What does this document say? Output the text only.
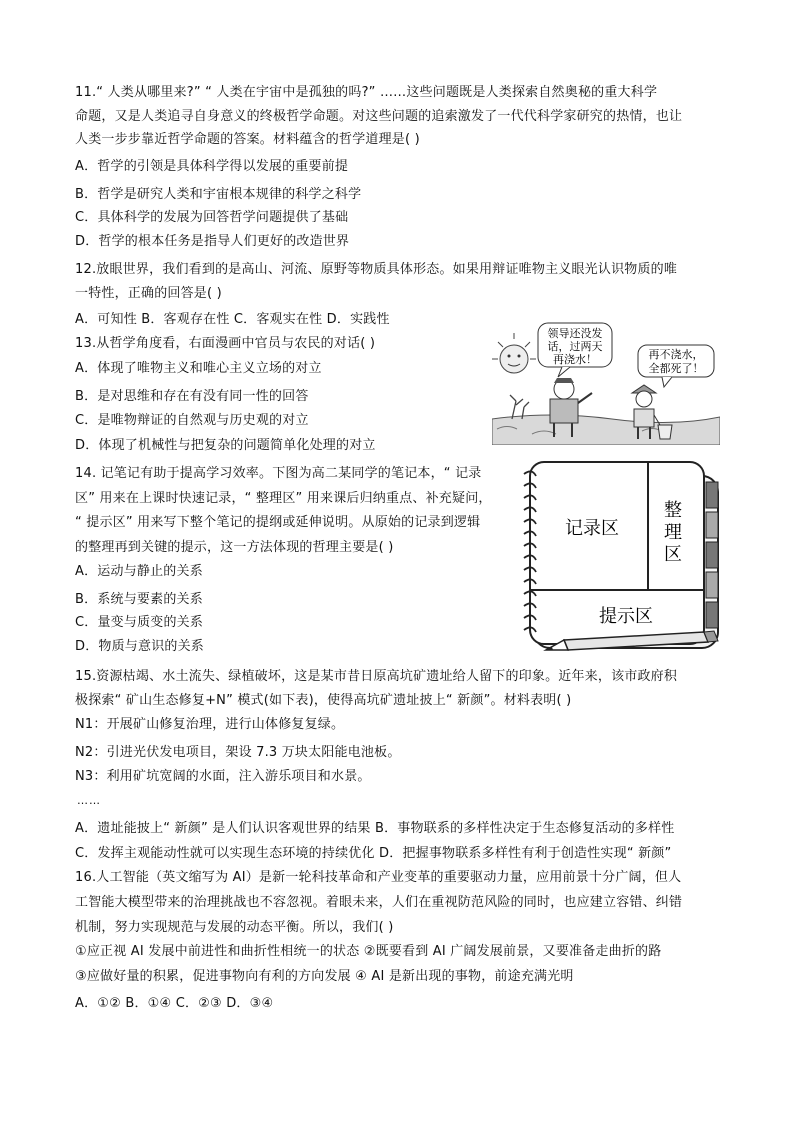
11.“ 人类从哪里来?” “ 人类在宇宙中是孤独的吗?” ……这些问题既是人类探索自然奥秘的重大科学
命题，又是人类追寻自身意义的终极哲学命题。对这些问题的追索激发了一代代科学家研究的热情，也让
人类一步步靠近哲学命题的答案。材料蕴含的哲学道理是( )
A．哲学的引领是具体科学得以发展的重要前提
B．哲学是研究人类和宇宙根本规律的科学之科学
C．具体科学的发展为回答哲学问题提供了基础
D．哲学的根本任务是指导人们更好的改造世界
12.放眼世界，我们看到的是高山、河流、原野等物质具体形态。如果用辩证唯物主义眼光认识物质的唯
一特性，正确的回答是( )
A．可知性 B．客观存在性 C．客观实在性 D．实践性
13.从哲学角度看，右面漫画中官员与农民的对话( )
A．体现了唯物主义和唯心主义立场的对立
B．是对思维和存在有没有同一性的回答
C．是唯物辩证的自然观与历史观的对立
D．体现了机械性与把复杂的问题简单化处理的对立
领导还没发
话，过两天
再浇水！	再不浇水，
全都死了！
14. 记笔记有助于提高学习效率。下图为高二某同学的笔记本，“ 记录
区” 用来在上课时快速记录，“ 整理区” 用来课后归纳重点、补充疑问，
“ 提示区” 用来写下整个笔记的提纲或延伸说明。从原始的记录到逻辑
的整理再到关键的提示，这一方法体现的哲理主要是( )
A．运动与静止的关系
B．系统与要素的关系
C．量变与质变的关系
D．物质与意识的关系
记录区
整
理
区
提示区
15.资源枯竭、水土流失、绿植破坏，这是某市昔日原高坑矿遗址给人留下的印象。近年来，该市政府积
极探索“ 矿山生态修复+N” 模式(如下表)，使得高坑矿遗址披上“ 新颜”。材料表明( )
N1：开展矿山修复治理，进行山体修复复绿。
N2：引进光伏发电项目，架设 7.3 万块太阳能电池板。
N3：利用矿坑宽阔的水面，注入游乐项目和水景。
……
A．遗址能披上“ 新颜” 是人们认识客观世界的结果 B．事物联系的多样性决定于生态修复活动的多样性
C．发挥主观能动性就可以实现生态环境的持续优化 D．把握事物联系多样性有利于创造性实现“ 新颜”
16.人工智能（英文缩写为 AI）是新一轮科技革命和产业变革的重要驱动力量，应用前景十分广阔，但人
工智能大模型带来的治理挑战也不容忽视。着眼未来，人们在重视防范风险的同时，也应建立容错、纠错
机制，努力实现规范与发展的动态平衡。所以，我们( )
①应正视 AI 发展中前进性和曲折性相统一的状态 ②既要看到 AI 广阔发展前景，又要准备走曲折的路
③应做好量的积累，促进事物向有利的方向发展 ④ AI 是新出现的事物，前途充满光明
A．①② B．①④ C．②③ D．③④
